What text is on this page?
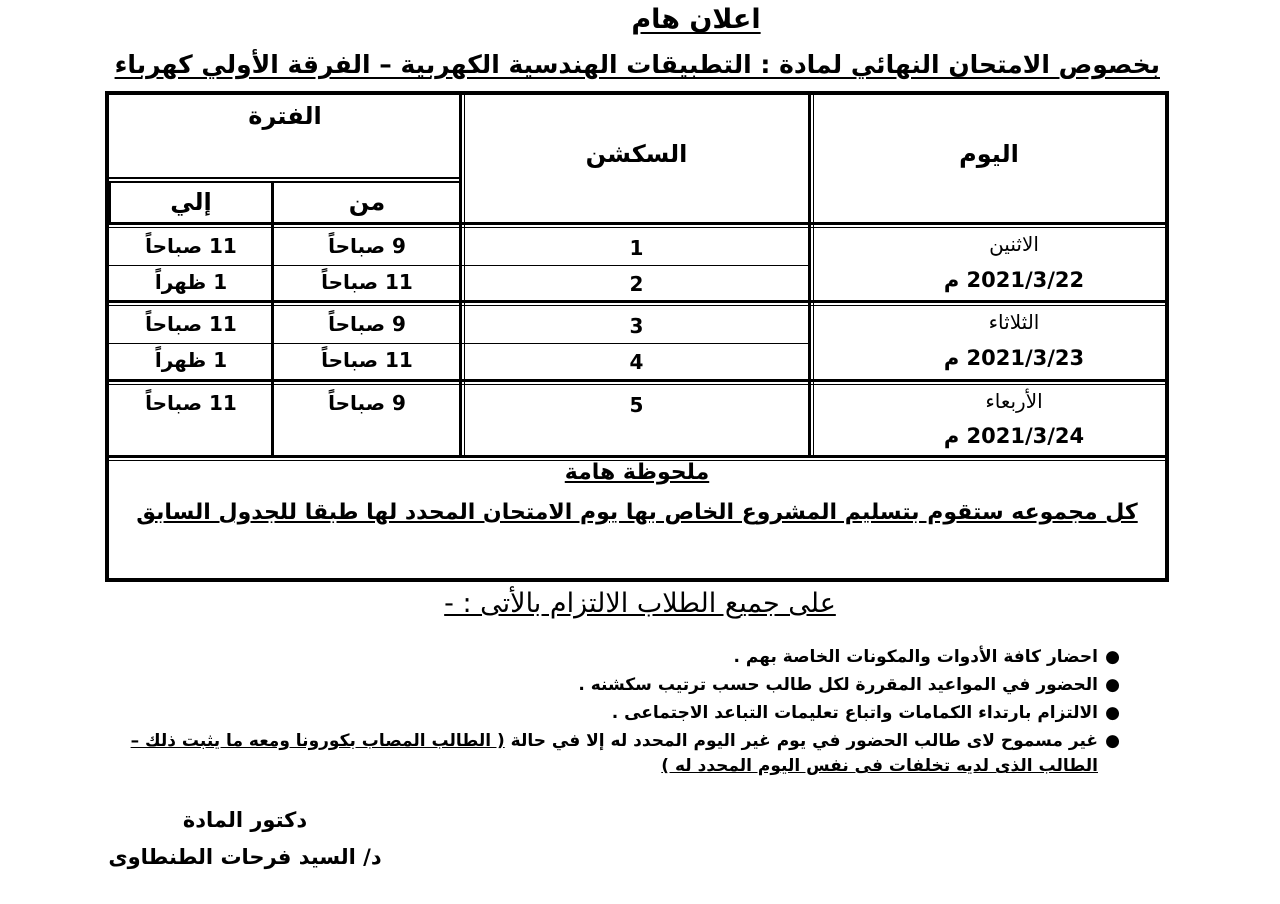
اعلان هام
بخصوص الامتحان النهائي لمادة : التطبيقات الهندسية الكهربية – الفرقة الأولي كهرباء
اليوم
السكشن
الفترة
من
إلي
الاثنين
2021/3/22 م
الثلاثاء
2021/3/23 م
الأربعاء
2021/3/24 م
1
2
3
4
5
9 صباحاً
11 صباحاً
9 صباحاً
11 صباحاً
9 صباحاً
11 صباحاً
1 ظهراً
11 صباحاً
1 ظهراً
11 صباحاً
ملحوظة هامة
كل مجموعه ستقوم بتسليم المشروع الخاص بها يوم الامتحان المحدد لها طبقا للجدول السابق
على جميع الطلاب الالتزام بالأتى : -
●
احضار كافة الأدوات والمكونات الخاصة بهم .
●
الحضور في المواعيد المقررة لكل طالب حسب ترتيب سكشنه .
●
الالتزام بارتداء الكمامات واتباع تعليمات التباعد الاجتماعى .
●
غير مسموح لاى طالب الحضور في يوم غير اليوم المحدد له إلا في حالة ( الطالب المصاب بكورونا ومعه ما يثبت ذلك – الطالب الذى لديه تخلفات فى نفس اليوم المحدد له )
دكتور المادة
د/ السيد فرحات الطنطاوى
